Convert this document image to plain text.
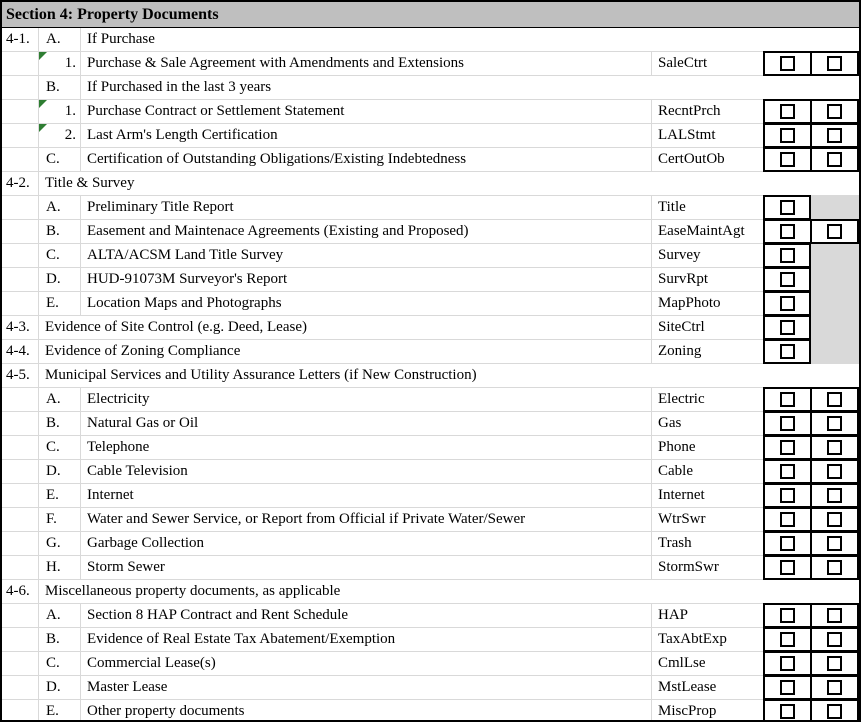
Section 4: Property Documents
4-1.	A.	If Purchase
1. Purchase & Sale Agreement with Amendments and Extensions	SaleCtrt
B.	If Purchased in the last 3 years
1. Purchase Contract or Settlement Statement	RecntPrch
2. Last Arm's Length Certification	LALStmt
C.	Certification of Outstanding Obligations/Existing Indebtedness	CertOutOb
4-2.	Title & Survey
A.	Preliminary Title Report	Title
B.	Easement and Maintenace Agreements (Existing and Proposed)	EaseMaintAgt
C.	ALTA/ACSM Land Title Survey	Survey
D.	HUD-91073M Surveyor's Report	SurvRpt
E.	Location Maps and Photographs	MapPhoto
4-3.	Evidence of Site Control (e.g. Deed, Lease)	SiteCtrl
4-4.	Evidence of Zoning Compliance	Zoning
4-5.	Municipal Services and Utility Assurance Letters (if New Construction)
A.	Electricity	Electric
B.	Natural Gas or Oil	Gas
C.	Telephone	Phone
D.	Cable Television	Cable
E.	Internet	Internet
F.	Water and Sewer Service, or Report from Official if Private Water/Sewer	WtrSwr
G.	Garbage Collection	Trash
H.	Storm Sewer	StormSwr
4-6.	Miscellaneous property documents, as applicable
A.	Section 8 HAP Contract and Rent Schedule	HAP
B.	Evidence of Real Estate Tax Abatement/Exemption	TaxAbtExp
C.	Commercial Lease(s)	CmlLse
D.	Master Lease	MstLease
E.	Other property documents	MiscProp
